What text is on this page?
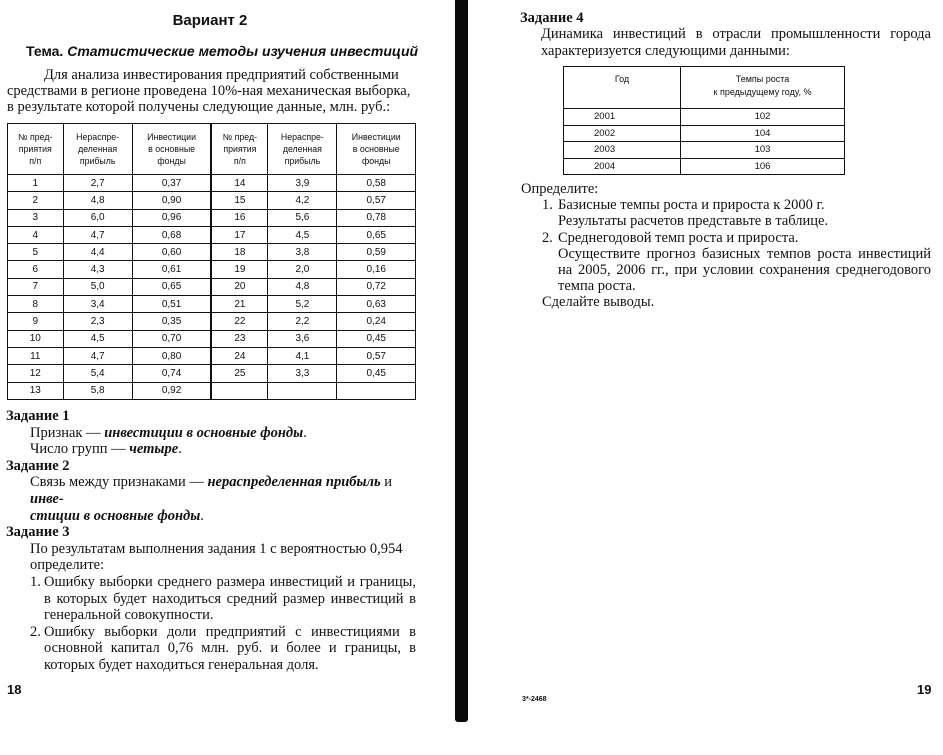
Вариант 2
Тема. Статистические методы изучения инвестиций
Для анализа инвестирования предприятий собственными
средствами в регионе проведена 10%-ная механическая выборка,
в результате которой получены следующие данные, млн. руб.:
№ пред-
приятия
п/п

Нераспре-
деленная
прибыль

Инвестиции
в основные
фонды

№ пред-
приятия
п/п

Нераспре-
деленная
прибыль

Инвестиции
в основные
фонды

1	2,7	0,37	14	3,9	0,58
2	4,8	0,90	15	4,2	0,57
3	6,0	0,96	16	5,6	0,78
4	4,7	0,68	17	4,5	0,65
5	4,4	0,60	18	3,8	0,59
6	4,3	0,61	19	2,0	0,16
7	5,0	0,65	20	4,8	0,72
8	3,4	0,51	21	5,2	0,63
9	2,3	0,35	22	2,2	0,24
10	4,5	0,70	23	3,6	0,45
11	4,7	0,80	24	4,1	0,57
12	5,4	0,74	25	3,3	0,45
13	5,8	0,92			
Задание 1
Признак — инвестиции в основные фонды.
Число групп — четыре.
Задание 2
Связь между признаками — нераспределенная прибыль и инве-
стиции в основные фонды.
Задание 3
По результатам выполнения задания 1 с вероятностью 0,954
определите:
1. Ошибку выборки среднего размера инвестиций и границы, в которых будет находиться средний размер инвестиций в генеральной совокупности.
2. Ошибку выборки доли предприятий с инвестициями в основной капитал 0,76 млн. руб. и более и границы, в которых будет находиться генеральная доля.
18
Задание 4
Динамика инвестиций в отрасли промышленности города характеризуется следующими данными:
Год	Темпы роста
к предыдущему году, %

2001	102
2002	104
2003	103
2004	106
Определите:
1. Базисные темпы роста и прироста к 2000 г.
Результаты расчетов представьте в таблице.
2. Среднегодовой темп роста и прироста.
Осуществите прогноз базисных темпов роста инвестиций на 2005, 2006 гг., при условии сохранения среднегодового темпа роста.
Сделайте выводы.
3*-2468
19
